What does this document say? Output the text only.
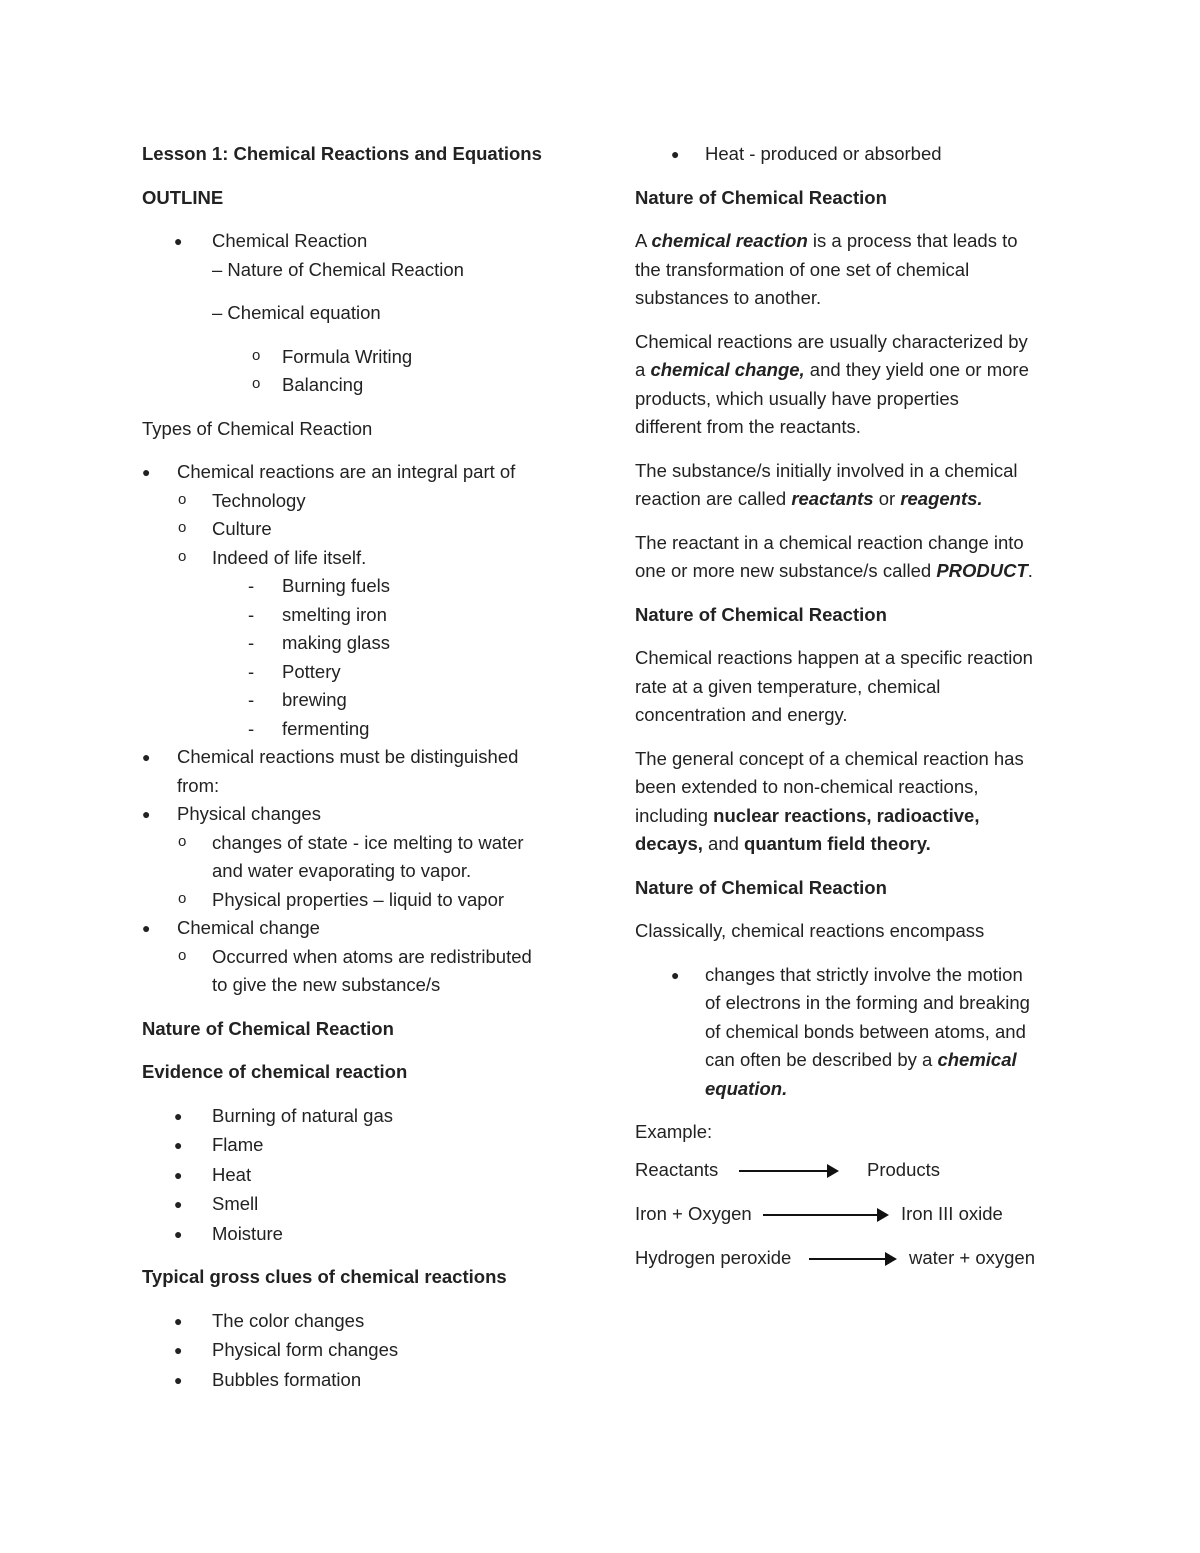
Lesson 1: Chemical Reactions and Equations

OUTLINE

● Chemical Reaction

– Nature of Chemical Reaction

– Chemical equation

o Formula Writing

o Balancing

Types of Chemical Reaction

● Chemical reactions are an integral part of

o Technology

o Culture

o Indeed of life itself.

- Burning fuels

- smelting iron

- making glass

- Pottery

- brewing

- fermenting

● Chemical reactions must be distinguished

from:

● Physical changes

o changes of state - ice melting to water

and water evaporating to vapor.

o Physical properties – liquid to vapor

● Chemical change

o Occurred when atoms are redistributed

to give the new substance/s

Nature of Chemical Reaction

Evidence of chemical reaction

● Burning of natural gas

● Flame

● Heat

● Smell

● Moisture

Typical gross clues of chemical reactions

● The color changes

● Physical form changes

● Bubbles formation

● Heat - produced or absorbed

Nature of Chemical Reaction

A chemical reaction is a process that leads to

the transformation of one set of chemical

substances to another.

Chemical reactions are usually characterized by

a chemical change, and they yield one or more

products, which usually have properties

different from the reactants.

The substance/s initially involved in a chemical

reaction are called reactants or reagents.

The reactant in a chemical reaction change into

one or more new substance/s called PRODUCT.

Nature of Chemical Reaction

Chemical reactions happen at a specific reaction

rate at a given temperature, chemical

concentration and energy.

The general concept of a chemical reaction has

been extended to non-chemical reactions,

including nuclear reactions, radioactive,

decays, and quantum field theory.

Nature of Chemical Reaction

Classically, chemical reactions encompass

● changes that strictly involve the motion

of electrons in the forming and breaking

of chemical bonds between atoms, and

can often be described by a chemical

equation.

Example:

Reactants	Products
Iron + Oxygen	Iron III oxide
Hydrogen peroxide	water + oxygen
